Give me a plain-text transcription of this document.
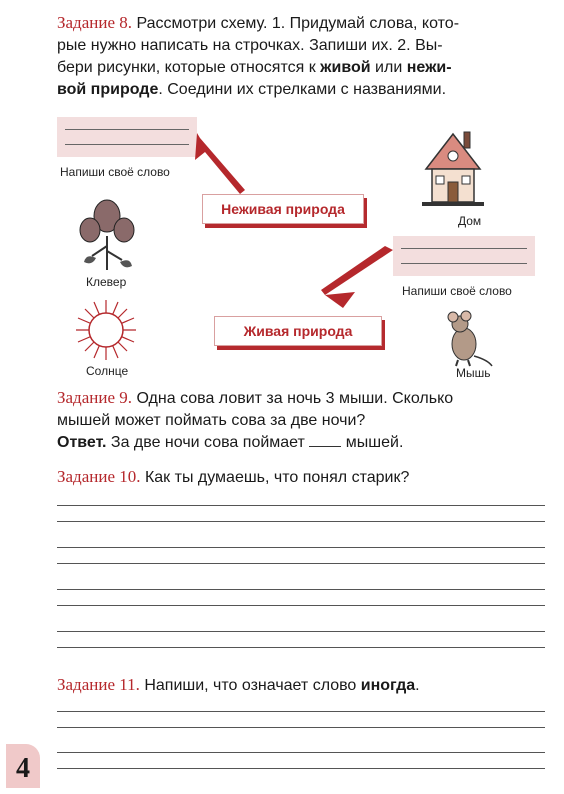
Задание 8. Рассмотри схему. 1. Придумай слова, кото-
рые нужно написать на строчках. Запиши их. 2. Вы-
бери рисунки, которые относятся к живой или нежи-
вой природе. Соедини их стрелками с названиями.
Напиши своё слово
Неживая природа
Дом
Напиши своё слово
Клевер
Солнце
Живая природа
Мышь
Задание 9. Одна сова ловит за ночь 3 мыши. Сколько
мышей может поймать сова за две ночи?
Ответ. За две ночи сова поймает	мышей.
Задание 10. Как ты думаешь, что понял старик?
Задание 11. Напиши, что означает слово иногда.
4
